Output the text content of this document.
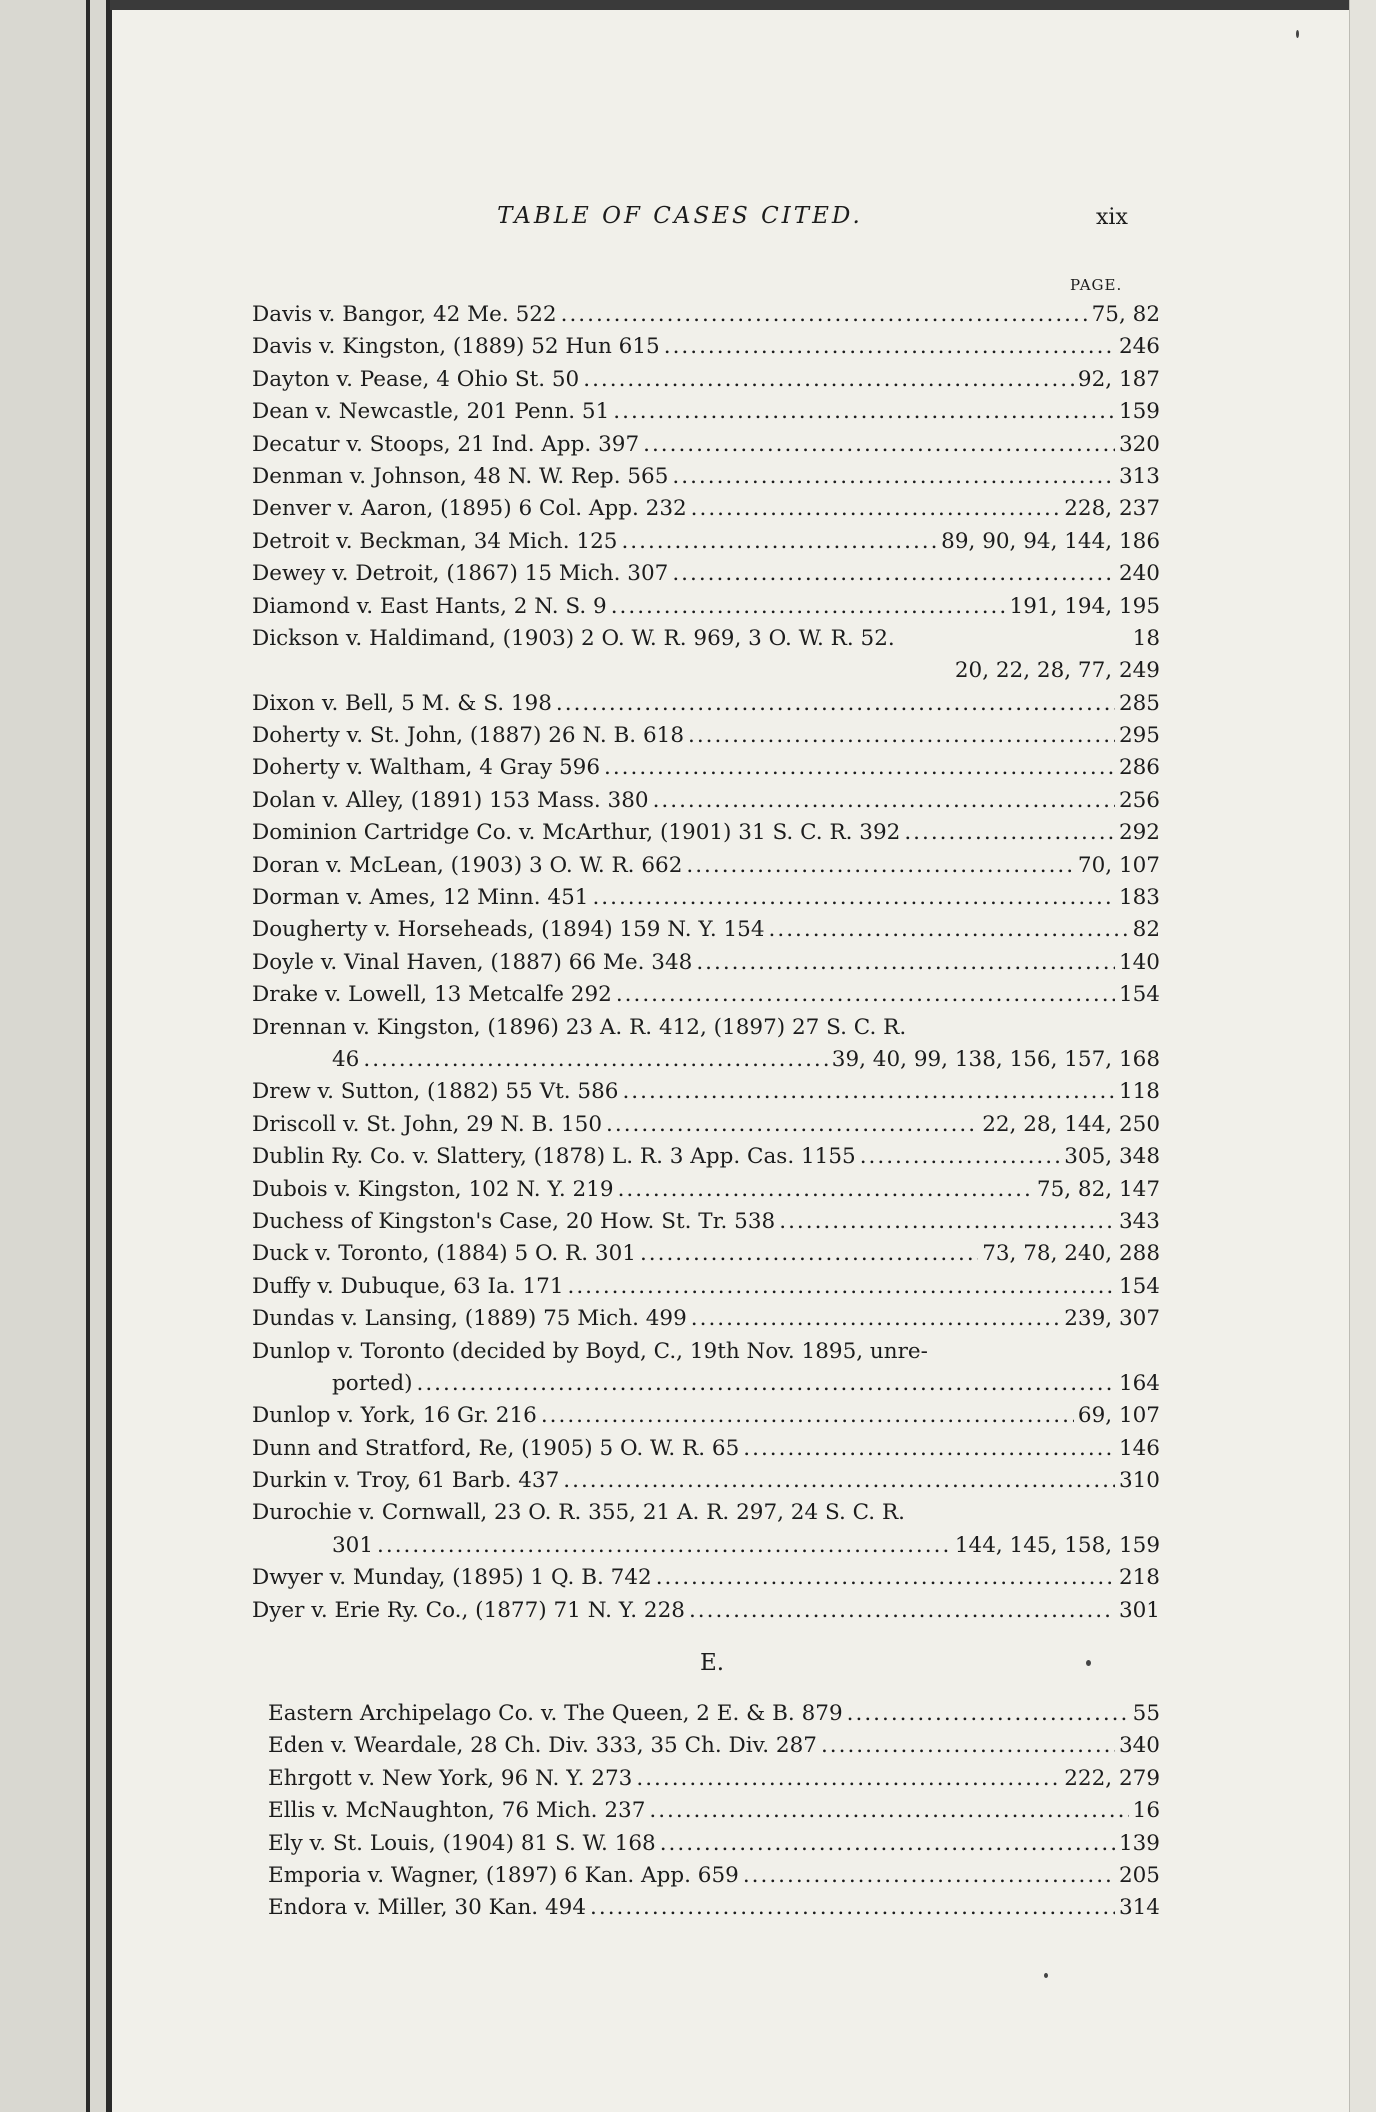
TABLE OF CASES CITED.	xix
PAGE.
Davis v. Bangor, 42 Me. 522 .....	75, 82
Davis v. Kingston, (1889) 52 Hun 615 .....	246
Dayton v. Pease, 4 Ohio St. 50 .....	92, 187
Dean v. Newcastle, 201 Penn. 51 .....	159
Decatur v. Stoops, 21 Ind. App. 397 .....	320
Denman v. Johnson, 48 N. W. Rep. 565 .....	313
Denver v. Aaron, (1895) 6 Col. App. 232 .....	228, 237
Detroit v. Beckman, 34 Mich. 125 .....	89, 90, 94, 144, 186
Dewey v. Detroit, (1867) 15 Mich. 307 .....	240
Diamond v. East Hants, 2 N. S. 9 .....	191, 194, 195
Dickson v. Haldimand, (1903) 2 O. W. R. 969, 3 O. W. R. 52.	18
20, 22, 28, 77, 249
Dixon v. Bell, 5 M. & S. 198 .....	285
Doherty v. St. John, (1887) 26 N. B. 618 .....	295
Doherty v. Waltham, 4 Gray 596 .....	286
Dolan v. Alley, (1891) 153 Mass. 380 .....	256
Dominion Cartridge Co. v. McArthur, (1901) 31 S. C. R. 392 .....	292
Doran v. McLean, (1903) 3 O. W. R. 662 .....	70, 107
Dorman v. Ames, 12 Minn. 451 .....	183
Dougherty v. Horseheads, (1894) 159 N. Y. 154 .....	82
Doyle v. Vinal Haven, (1887) 66 Me. 348 .....	140
Drake v. Lowell, 13 Metcalfe 292 .....	154
Drennan v. Kingston, (1896) 23 A. R. 412, (1897) 27 S. C. R.
46 .....	39, 40, 99, 138, 156, 157, 168
Drew v. Sutton, (1882) 55 Vt. 586 .....	118
Driscoll v. St. John, 29 N. B. 150 .....	22, 28, 144, 250
Dublin Ry. Co. v. Slattery, (1878) L. R. 3 App. Cas. 1155 .....	305, 348
Dubois v. Kingston, 102 N. Y. 219 .....	75, 82, 147
Duchess of Kingston's Case, 20 How. St. Tr. 538 .....	343
Duck v. Toronto, (1884) 5 O. R. 301 .....	73, 78, 240, 288
Duffy v. Dubuque, 63 Ia. 171 .....	154
Dundas v. Lansing, (1889) 75 Mich. 499 .....	239, 307
Dunlop v. Toronto (decided by Boyd, C., 19th Nov. 1895, unre-
ported) .....	164
Dunlop v. York, 16 Gr. 216 .....	69, 107
Dunn and Stratford, Re, (1905) 5 O. W. R. 65 .....	146
Durkin v. Troy, 61 Barb. 437 .....	310
Durochie v. Cornwall, 23 O. R. 355, 21 A. R. 297, 24 S. C. R.
301 .....	144, 145, 158, 159
Dwyer v. Munday, (1895) 1 Q. B. 742 .....	218
Dyer v. Erie Ry. Co., (1877) 71 N. Y. 228 .....	301
E.
Eastern Archipelago Co. v. The Queen, 2 E. & B. 879 .....	55
Eden v. Weardale, 28 Ch. Div. 333, 35 Ch. Div. 287 .....	340
Ehrgott v. New York, 96 N. Y. 273 .....	222, 279
Ellis v. McNaughton, 76 Mich. 237 .....	16
Ely v. St. Louis, (1904) 81 S. W. 168 .....	139
Emporia v. Wagner, (1897) 6 Kan. App. 659 .....	205
Endora v. Miller, 30 Kan. 494 .....	314
